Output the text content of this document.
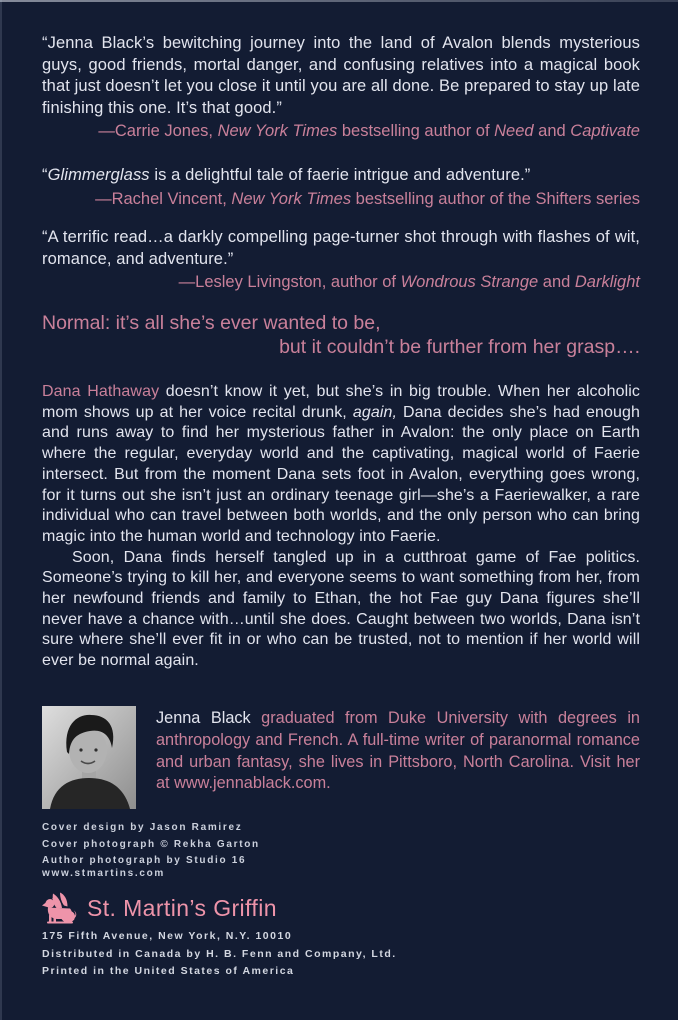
“Jenna Black’s bewitching journey into the land of Avalon blends mysterious guys, good friends, mortal danger, and confusing relatives into a magical book that just doesn’t let you close it until you are all done. Be prepared to stay up late finishing this one. It’s that good.”

—Carrie Jones, New York Times bestselling author of Need and Captivate

“Glimmerglass is a delightful tale of faerie intrigue and adventure.”

—Rachel Vincent, New York Times bestselling author of the Shifters series

“A terrific read…a darkly compelling page-turner shot through with flashes of wit, romance, and adventure.”

—Lesley Livingston, author of Wondrous Strange and Darklight

Normal: it’s all she’s ever wanted to be,

but it couldn’t be further from her grasp….

Dana Hathaway doesn’t know it yet, but she’s in big trouble. When her alcoholic mom shows up at her voice recital drunk, again, Dana decides she’s had enough and runs away to find her mysterious father in Avalon: the only place on Earth where the regular, everyday world and the captivating, magical world of Faerie intersect. But from the moment Dana sets foot in Avalon, everything goes wrong, for it turns out she isn’t just an ordinary teenage girl—she’s a Faeriewalker, a rare individual who can travel between both worlds, and the only person who can bring magic into the human world and technology into Faerie.

Soon, Dana finds herself tangled up in a cutthroat game of Fae politics. Someone’s trying to kill her, and everyone seems to want something from her, from her newfound friends and family to Ethan, the hot Fae guy Dana figures she’ll never have a chance with…until she does. Caught between two worlds, Dana isn’t sure where she’ll ever fit in or who can be trusted, not to mention if her world will ever be normal again.

Jenna Black graduated from Duke University with degrees in anthropology and French. A full-time writer of paranormal romance and urban fantasy, she lives in Pittsboro, North Carolina. Visit her at www.jennablack.com.

Cover design by Jason Ramirez

Cover photograph © Rekha Garton

Author photograph by Studio 16

www.stmartins.com

St. Martin’s Griffin

175 Fifth Avenue, New York, N.Y. 10010

Distributed in Canada by H. B. Fenn and Company, Ltd.

Printed in the United States of America
